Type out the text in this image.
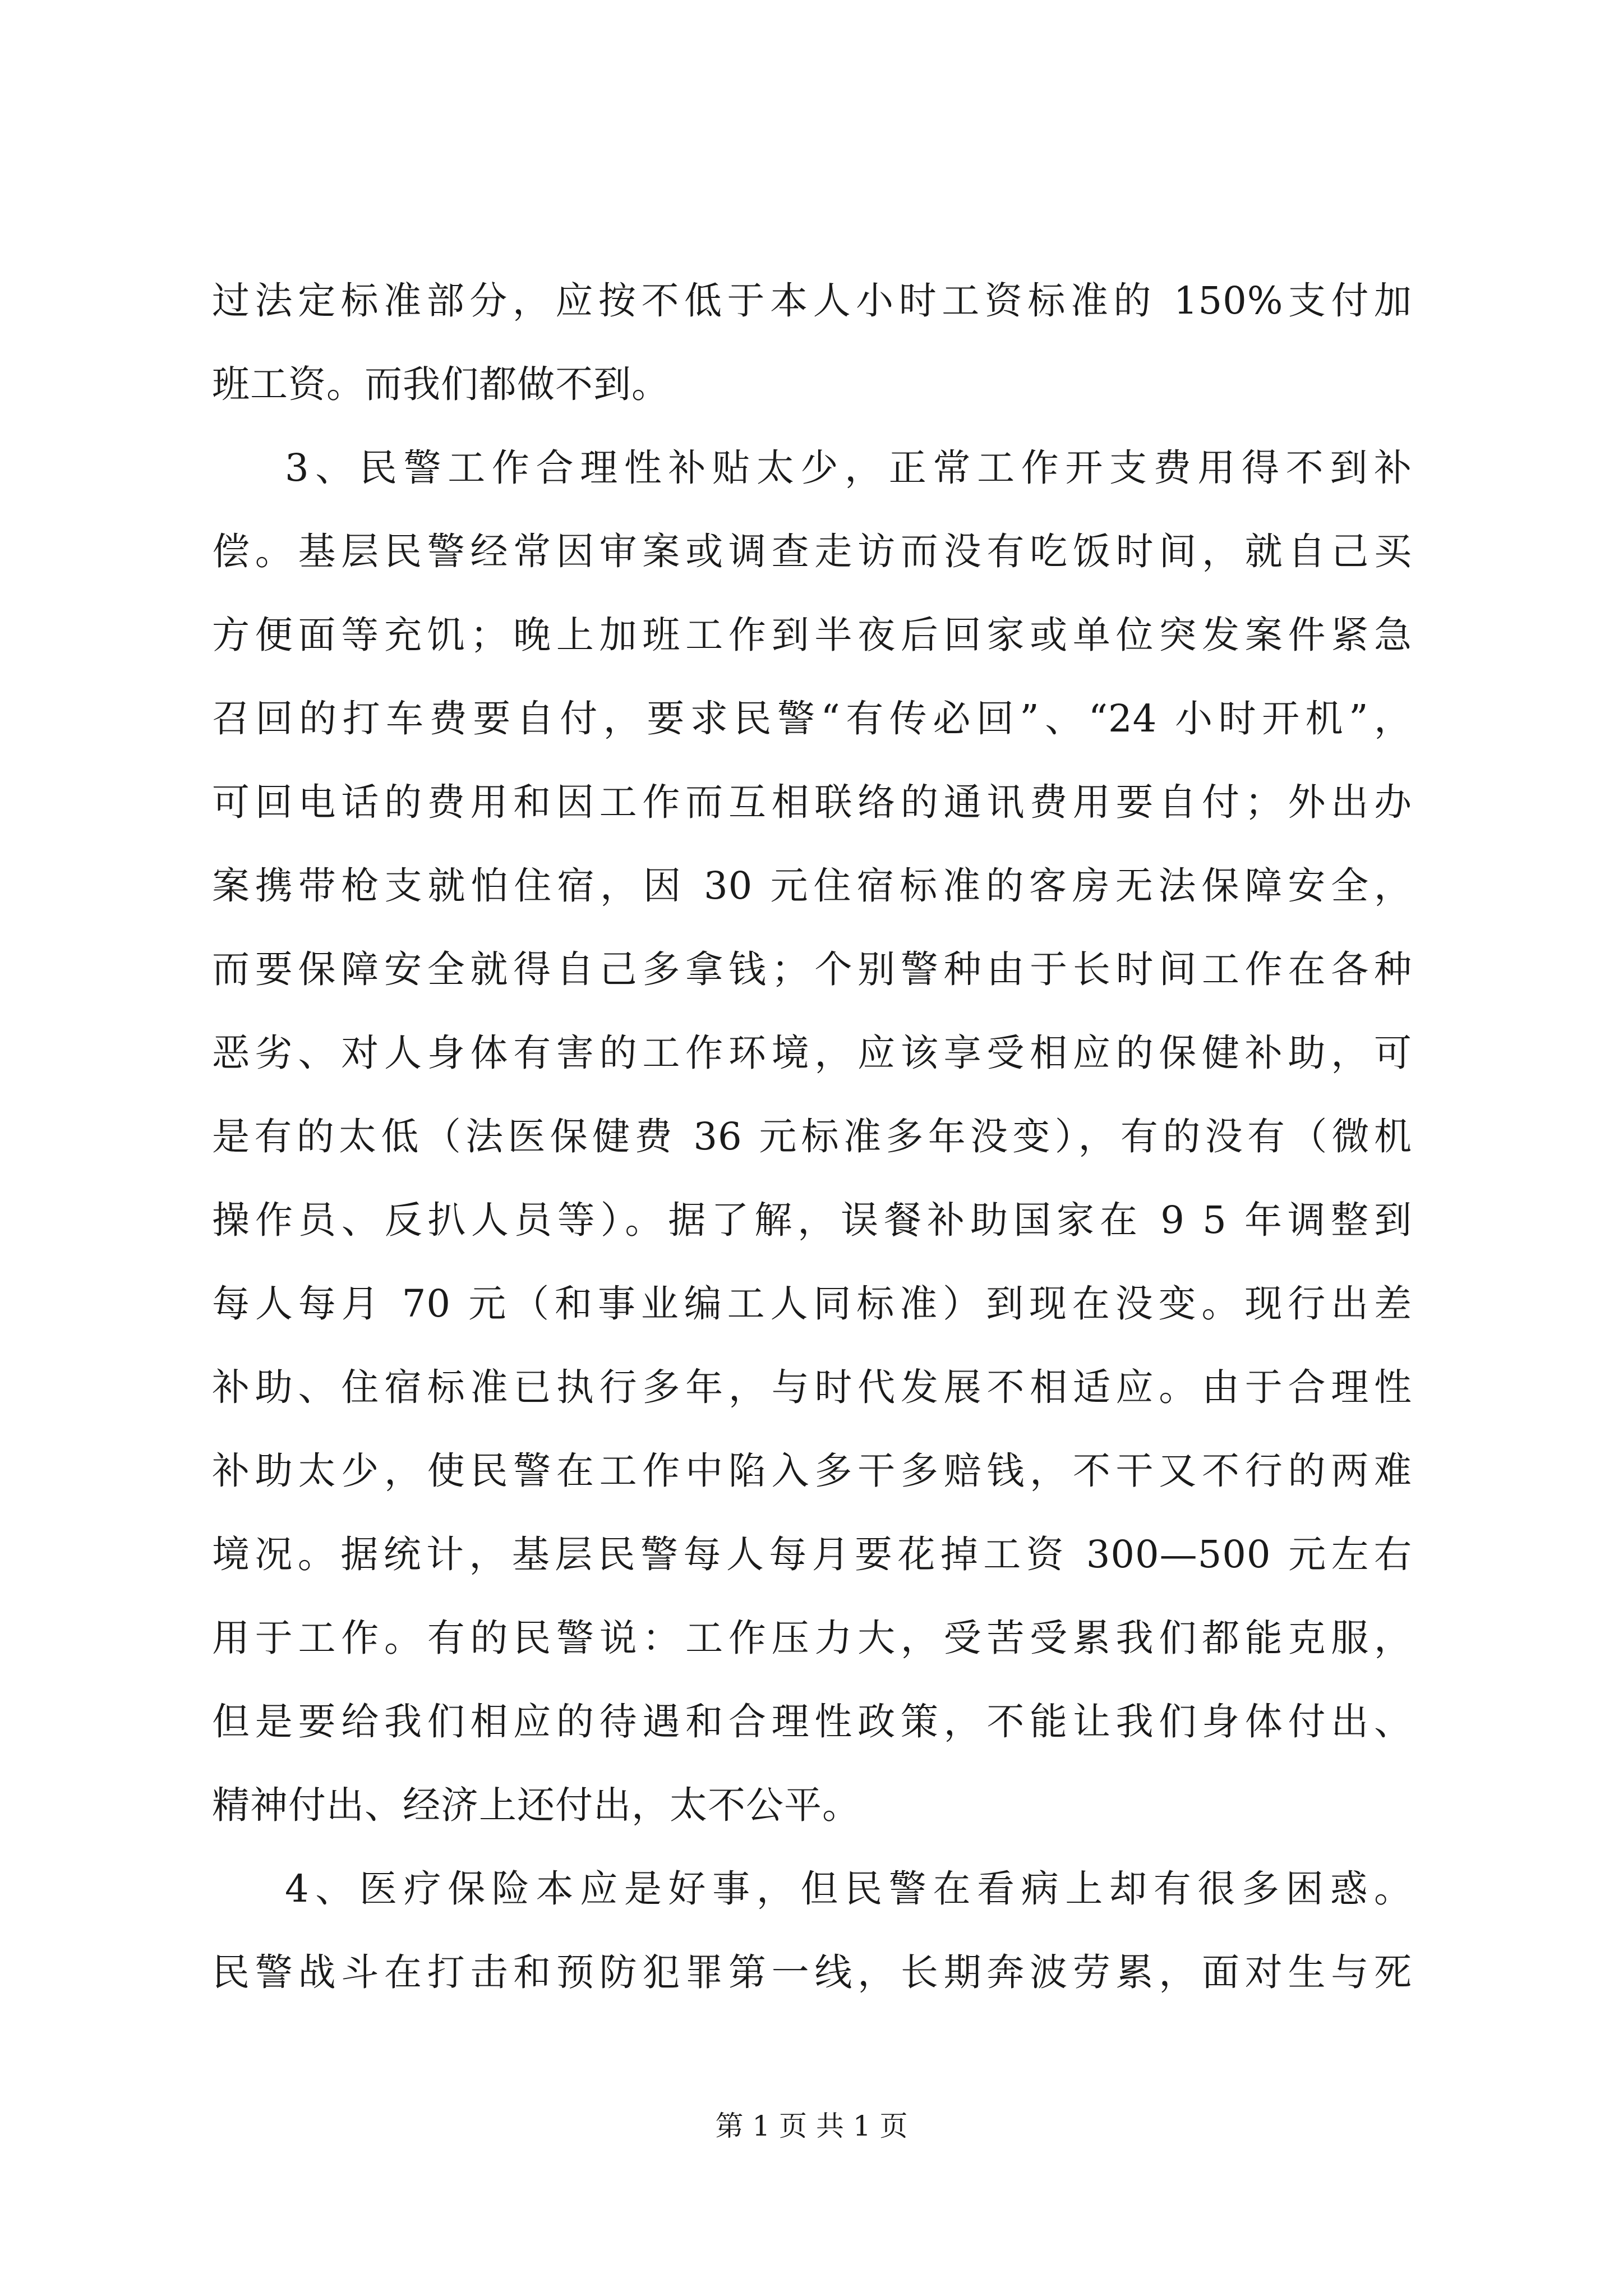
过法定标准部分，应按不低于本人小时工资标准的 150%支付加
班工资。而我们都做不到。
3、民警工作合理性补贴太少，正常工作开支费用得不到补
偿。基层民警经常因审案或调查走访而没有吃饭时间，就自己买
方便面等充饥；晚上加班工作到半夜后回家或单位突发案件紧急
召回的打车费要自付，要求民警“有传必回”、“24 小时开机”，
可回电话的费用和因工作而互相联络的通讯费用要自付；外出办
案携带枪支就怕住宿，因 30 元住宿标准的客房无法保障安全，
而要保障安全就得自己多拿钱；个别警种由于长时间工作在各种
恶劣、对人身体有害的工作环境，应该享受相应的保健补助，可
是有的太低（法医保健费 36 元标准多年没变），有的没有（微机
操作员、反扒人员等）。据了解，误餐补助国家在 9 5 年调整到
每人每月 70 元（和事业编工人同标准）到现在没变。现行出差
补助、住宿标准已执行多年，与时代发展不相适应。由于合理性
补助太少，使民警在工作中陷入多干多赔钱，不干又不行的两难
境况。据统计，基层民警每人每月要花掉工资 300—500 元左右
用于工作。有的民警说：工作压力大，受苦受累我们都能克服，
但是要给我们相应的待遇和合理性政策，不能让我们身体付出、
精神付出、经济上还付出，太不公平。
4、医疗保险本应是好事，但民警在看病上却有很多困惑。
民警战斗在打击和预防犯罪第一线，长期奔波劳累，面对生与死
第 1 页 共 1 页
